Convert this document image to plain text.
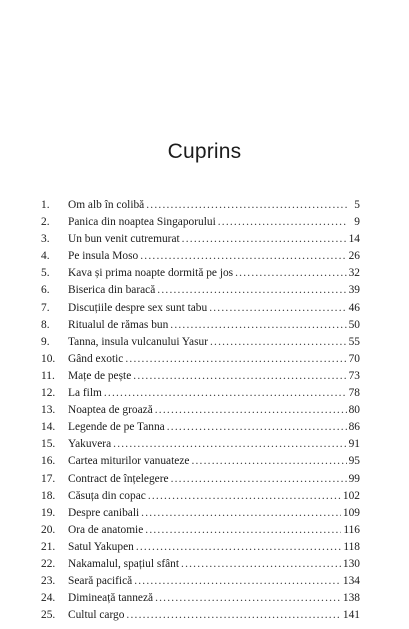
Cuprins
1.	Om alb în colibă .....	5
2.	Panica din noaptea Singaporului .....	9
3.	Un bun venit cutremurat .....	14
4.	Pe insula Moso .....	26
5.	Kava și prima noapte dormită pe jos .....	32
6.	Biserica din baracă .....	39
7.	Discuțiile despre sex sunt tabu .....	46
8.	Ritualul de rămas bun .....	50
9.	Tanna, insula vulcanului Yasur .....	55
10.	Gând exotic .....	70
11.	Mațe de pește .....	73
12.	La film .....	78
13.	Noaptea de groază .....	80
14.	Legende de pe Tanna .....	86
15.	Yakuvera .....	91
16.	Cartea miturilor vanuateze .....	95
17.	Contract de înțelegere .....	99
18.	Căsuța din copac .....	102
19.	Despre canibali .....	109
20.	Ora de anatomie .....	116
21.	Satul Yakupen .....	118
22.	Nakamalul, spațiul sfânt .....	130
23.	Seară pacifică .....	134
24.	Dimineață tanneză .....	138
25.	Cultul cargo .....	141
